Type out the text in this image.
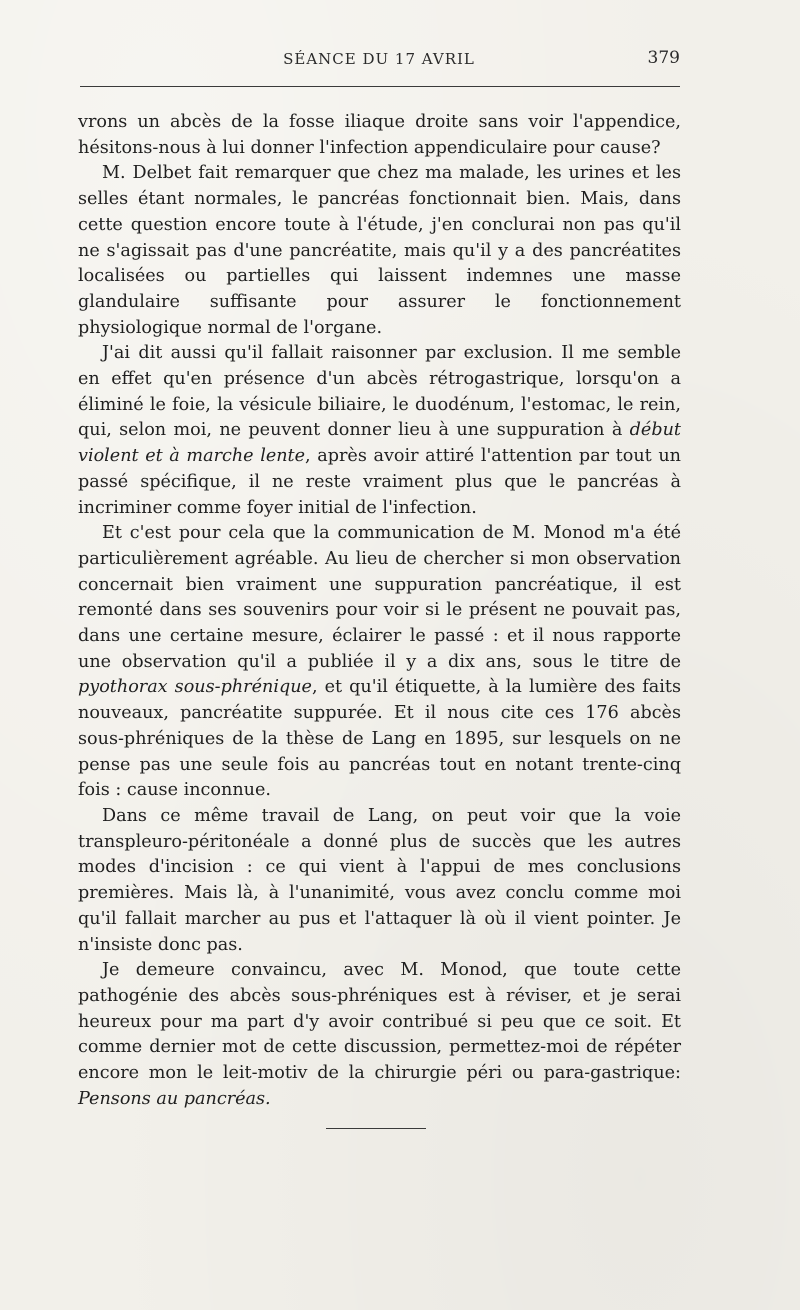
SÉANCE DU 17 AVRIL	379

vrons un abcès de la fosse iliaque droite sans voir l'appendice, hésitons-nous à lui donner l'infection appendiculaire pour cause?

M. Delbet fait remarquer que chez ma malade, les urines et les selles étant normales, le pancréas fonctionnait bien. Mais, dans cette question encore toute à l'étude, j'en conclurai non pas qu'il ne s'agissait pas d'une pancréatite, mais qu'il y a des pancréatites localisées ou partielles qui laissent indemnes une masse glandulaire suffisante pour assurer le fonctionnement physiologique normal de l'organe.

J'ai dit aussi qu'il fallait raisonner par exclusion. Il me semble en effet qu'en présence d'un abcès rétrogastrique, lorsqu'on a éliminé le foie, la vésicule biliaire, le duodénum, l'estomac, le rein, qui, selon moi, ne peuvent donner lieu à une suppuration à début violent et à marche lente, après avoir attiré l'attention par tout un passé spécifique, il ne reste vraiment plus que le pancréas à incriminer comme foyer initial de l'infection.

Et c'est pour cela que la communication de M. Monod m'a été particulièrement agréable. Au lieu de chercher si mon observation concernait bien vraiment une suppuration pancréatique, il est remonté dans ses souvenirs pour voir si le présent ne pouvait pas, dans une certaine mesure, éclairer le passé : et il nous rapporte une observation qu'il a publiée il y a dix ans, sous le titre de pyothorax sous-phrénique, et qu'il étiquette, à la lumière des faits nouveaux, pancréatite suppurée. Et il nous cite ces 176 abcès sous-phréniques de la thèse de Lang en 1895, sur lesquels on ne pense pas une seule fois au pancréas tout en notant trente-cinq fois : cause inconnue.

Dans ce même travail de Lang, on peut voir que la voie transpleuro-péritonéale a donné plus de succès que les autres modes d'incision : ce qui vient à l'appui de mes conclusions premières. Mais là, à l'unanimité, vous avez conclu comme moi qu'il fallait marcher au pus et l'attaquer là où il vient pointer. Je n'insiste donc pas.

Je demeure convaincu, avec M. Monod, que toute cette pathogénie des abcès sous-phréniques est à réviser, et je serai heureux pour ma part d'y avoir contribué si peu que ce soit. Et comme dernier mot de cette discussion, permettez-moi de répéter encore mon le leit-motiv de la chirurgie péri ou para-gastrique: Pensons au pancréas.
